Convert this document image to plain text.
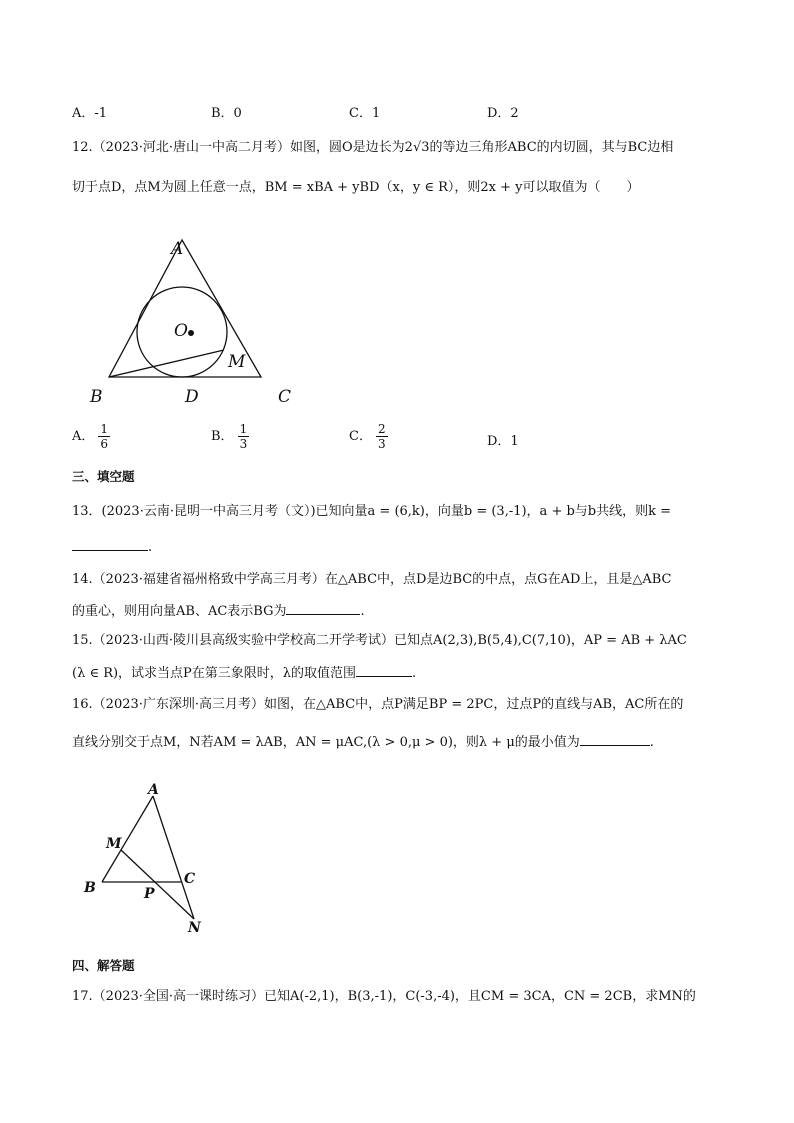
A．-1	B．0	C．1	D．2
12.（2023·河北·唐山一中高二月考）如图，圆O是边长为2√3的等边三角形ABC的内切圆，其与BC边相
切于点D，点M为圆上任意一点，BM = xBA + yBD（x，y ∈ R），则2x + y可以取值为（　　）
A
O
M
B	D	C
A． $\frac{1}{6}$	B． $\frac{1}{3}$	C． $\frac{2}{3}$	D．1
三、填空题
13．(2023·云南·昆明一中高三月考（文）)已知向量a = (6,k)，向量b = (3,-1)，a + b与b共线，则k =
.
14.（2023·福建省福州格致中学高三月考）在△ABC中，点D是边BC的中点，点G在AD上，且是△ABC
的重心，则用向量AB、AC表示BG为	.
15.（2023·山西·陵川县高级实验中学校高二开学考试）已知点A(2,3),B(5,4),C(7,10)，AP = AB + λAC
(λ ∈ R)，试求当点P在第三象限时，λ的取值范围	.
16.（2023·广东深圳·高三月考）如图，在△ABC中，点P满足BP = 2PC，过点P的直线与AB，AC所在的
直线分别交于点M，N若AM = λAB，AN = μAC,(λ > 0,μ > 0)，则λ + μ的最小值为	.
A
M
B
C
P
N
四、解答题
17.（2023·全国·高一课时练习）已知A(-2,1)，B(3,-1)，C(-3,-4)，且CM = 3CA，CN = 2CB，求MN的
